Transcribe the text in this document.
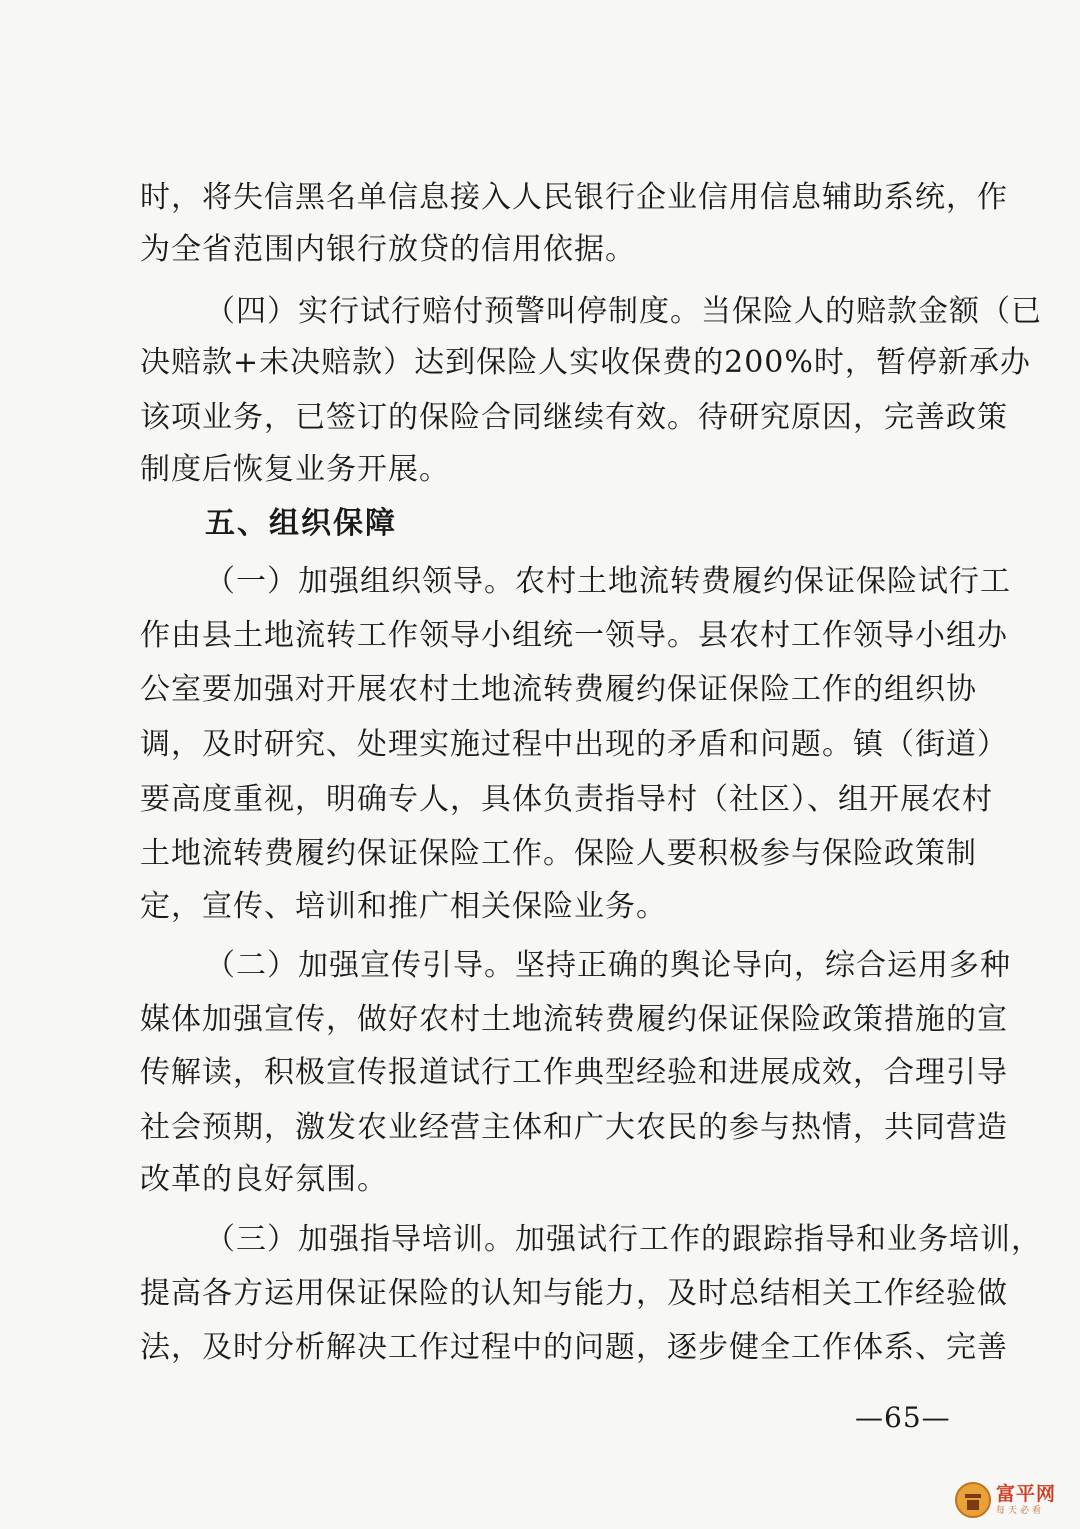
时，将失信黑名单信息接入人民银行企业信用信息辅助系统，作
为全省范围内银行放贷的信用依据。
（四）实行试行赔付预警叫停制度。当保险人的赔款金额（已
决赔款+未决赔款）达到保险人实收保费的200%时，暂停新承办
该项业务，已签订的保险合同继续有效。待研究原因，完善政策
制度后恢复业务开展。
五、组织保障
（一）加强组织领导。农村土地流转费履约保证保险试行工
作由县土地流转工作领导小组统一领导。县农村工作领导小组办
公室要加强对开展农村土地流转费履约保证保险工作的组织协
调，及时研究、处理实施过程中出现的矛盾和问题。镇（街道）
要高度重视，明确专人，具体负责指导村（社区）、组开展农村
土地流转费履约保证保险工作。保险人要积极参与保险政策制
定，宣传、培训和推广相关保险业务。
（二）加强宣传引导。坚持正确的舆论导向，综合运用多种
媒体加强宣传，做好农村土地流转费履约保证保险政策措施的宣
传解读，积极宣传报道试行工作典型经验和进展成效，合理引导
社会预期，激发农业经营主体和广大农民的参与热情，共同营造
改革的良好氛围。
（三）加强指导培训。加强试行工作的跟踪指导和业务培训，
提高各方运用保证保险的认知与能力，及时总结相关工作经验做
法，及时分析解决工作过程中的问题，逐步健全工作体系、完善
—65—
富平网
每天必看
